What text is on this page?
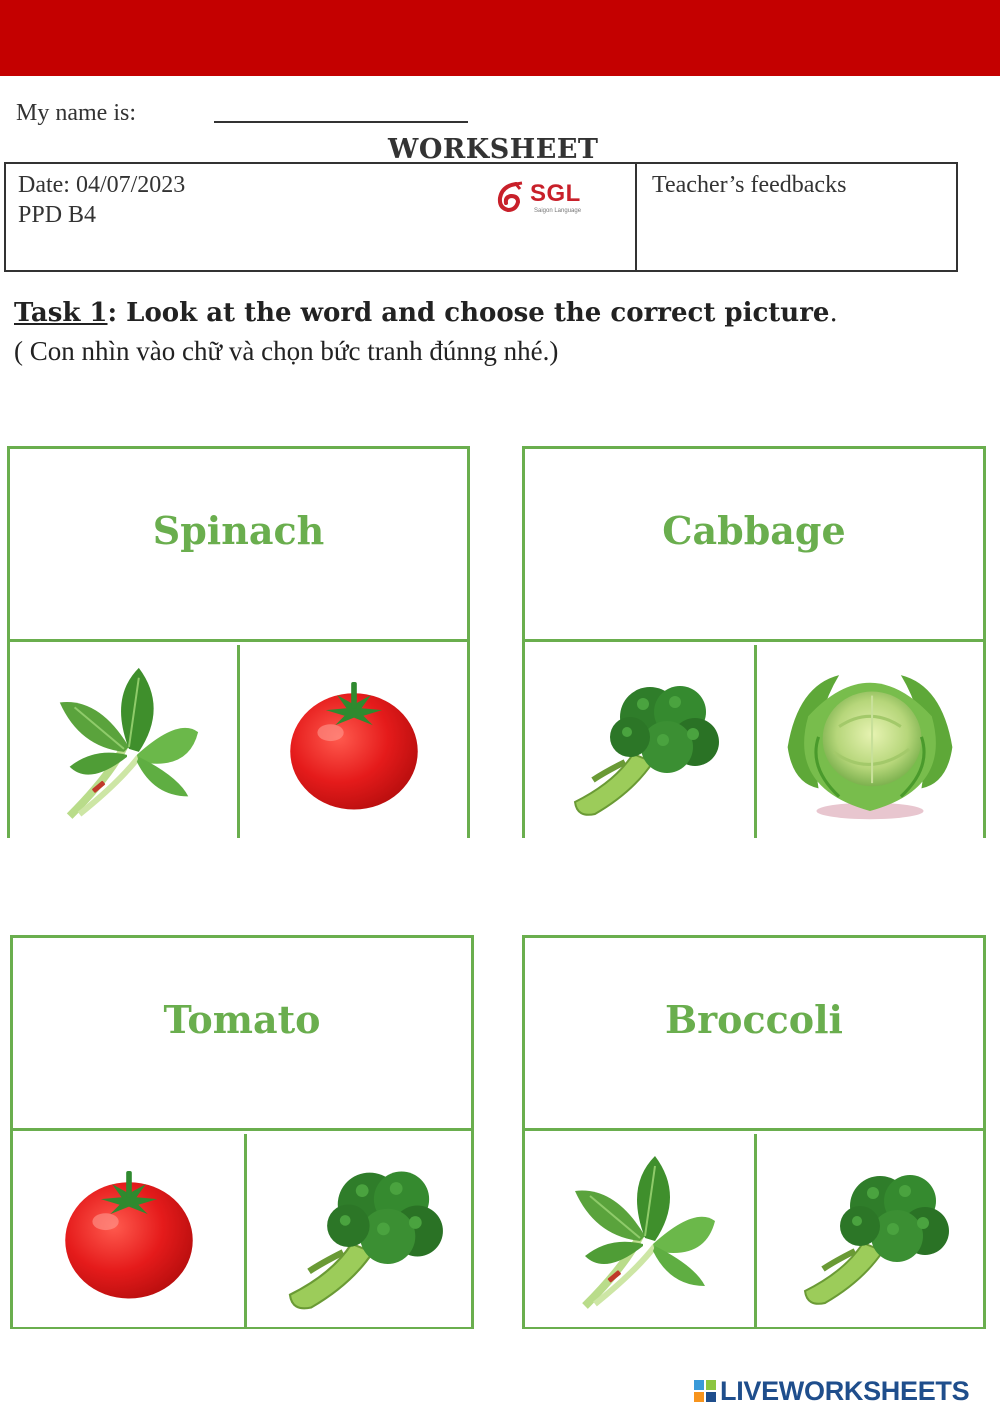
My name is:
WORKSHEET
Date: 04/07/2023
PPD B4
SGL
Saigon Language
Teacher’s feedbacks
Task 1: Look at the word and choose the correct picture.
( Con nhìn vào chữ và chọn bức tranh đúnng nhé.)
Spinach	Cabbage
Tomato	Broccoli
LIVEWORKSHEETS
